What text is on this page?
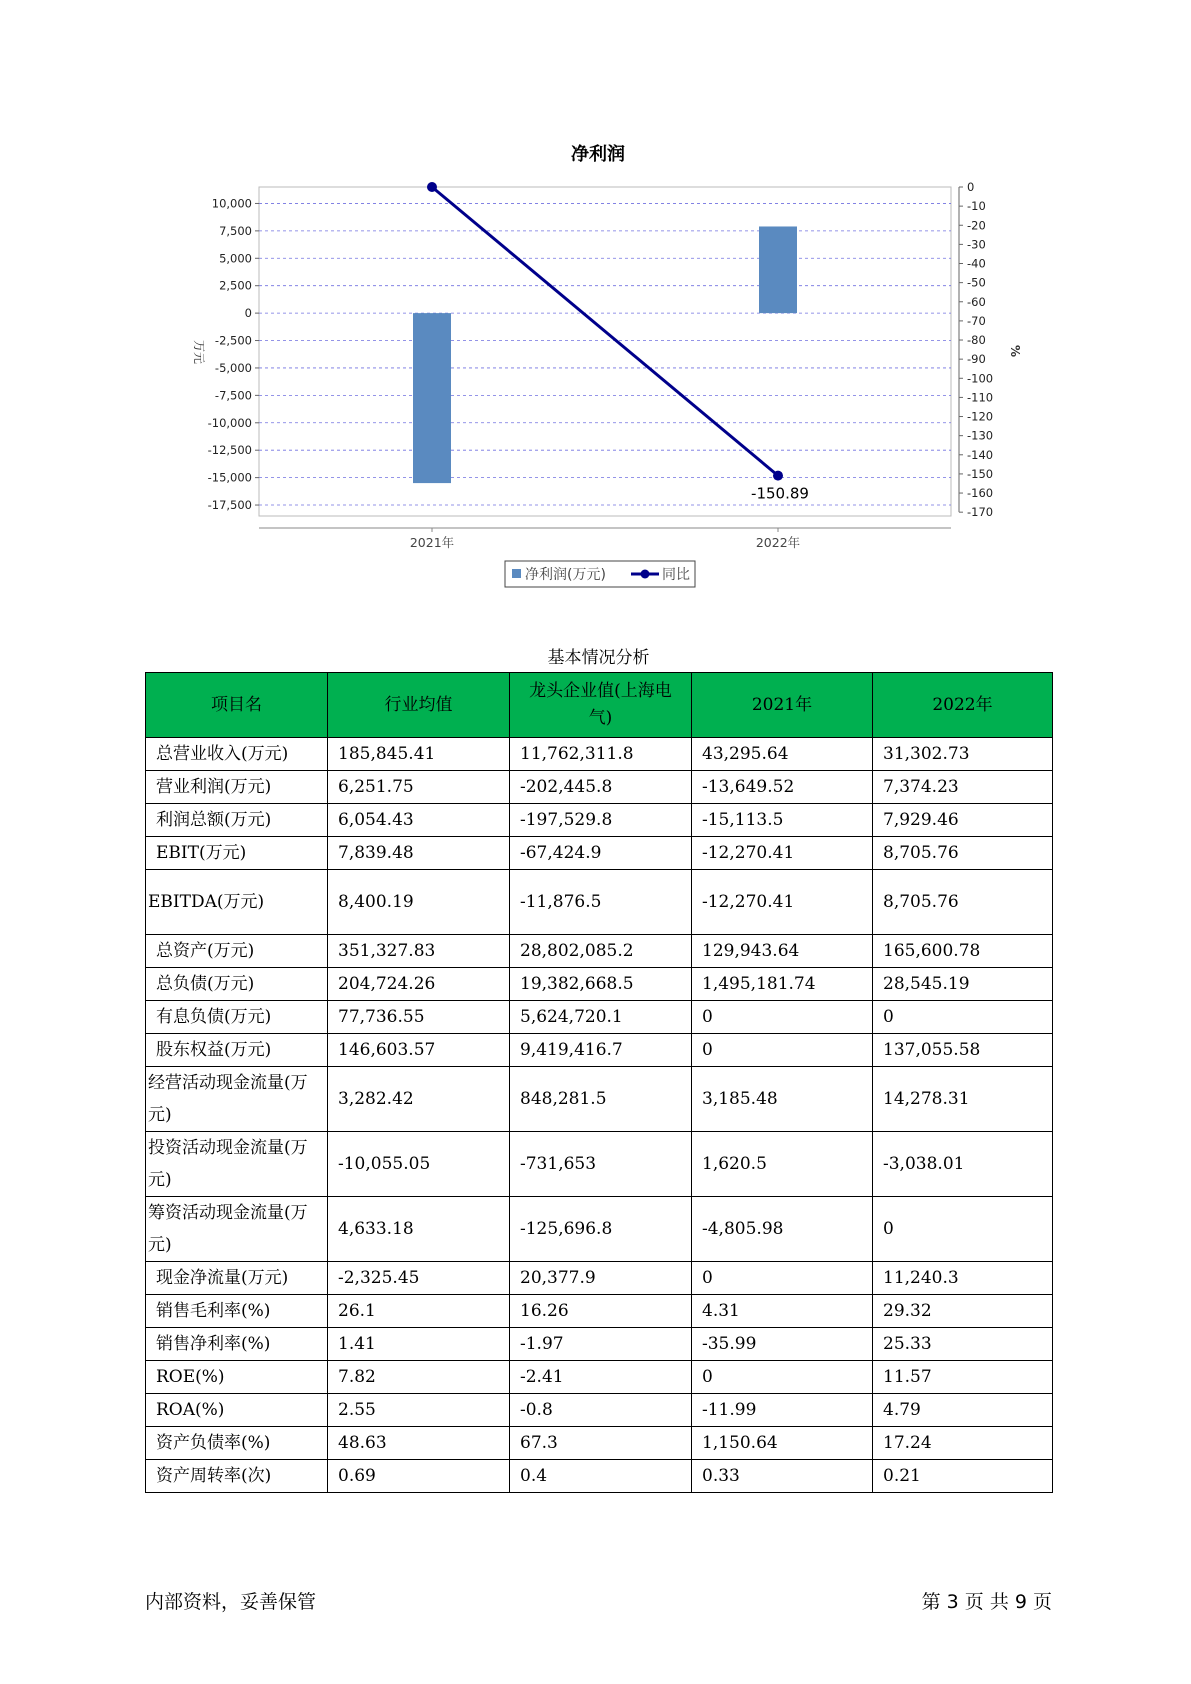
净利润
10,000
7,500
5,000
2,500
0
-2,500
-5,000
-7,500
-10,000
-12,500
-15,000
-17,500
0
-10
-20
-30
-40
-50
-60
-70
-80
-90
-100
-110
-120
-130
-140
-150
-160
-170
2021年	2022年
-150.89
万元	%
净利润(万元)	同比
基本情况分析
项目名	行业均值	龙头企业值(上海电气)	2021年	2022年
总营业收入(万元)	185,845.41	11,762,311.8	43,295.64	31,302.73
营业利润(万元)	6,251.75	-202,445.8	-13,649.52	7,374.23
利润总额(万元)	6,054.43	-197,529.8	-15,113.5	7,929.46
EBIT(万元)	7,839.48	-67,424.9	-12,270.41	8,705.76
EBITDA(万元)	8,400.19	-11,876.5	-12,270.41	8,705.76
总资产(万元)	351,327.83	28,802,085.2	129,943.64	165,600.78
总负债(万元)	204,724.26	19,382,668.5	1,495,181.74	28,545.19
有息负债(万元)	77,736.55	5,624,720.1	0	0
股东权益(万元)	146,603.57	9,419,416.7	0	137,055.58
经营活动现金流量(万元)	3,282.42	848,281.5	3,185.48	14,278.31
投资活动现金流量(万元)	-10,055.05	-731,653	1,620.5	-3,038.01
筹资活动现金流量(万元)	4,633.18	-125,696.8	-4,805.98	0
现金净流量(万元)	-2,325.45	20,377.9	0	11,240.3
销售毛利率(%)	26.1	16.26	4.31	29.32
销售净利率(%)	1.41	-1.97	-35.99	25.33
ROE(%)	7.82	-2.41	0	11.57
ROA(%)	2.55	-0.8	-11.99	4.79
资产负债率(%)	48.63	67.3	1,150.64	17.24
资产周转率(次)	0.69	0.4	0.33	0.21
内部资料，妥善保管	第 3 页 共 9 页
